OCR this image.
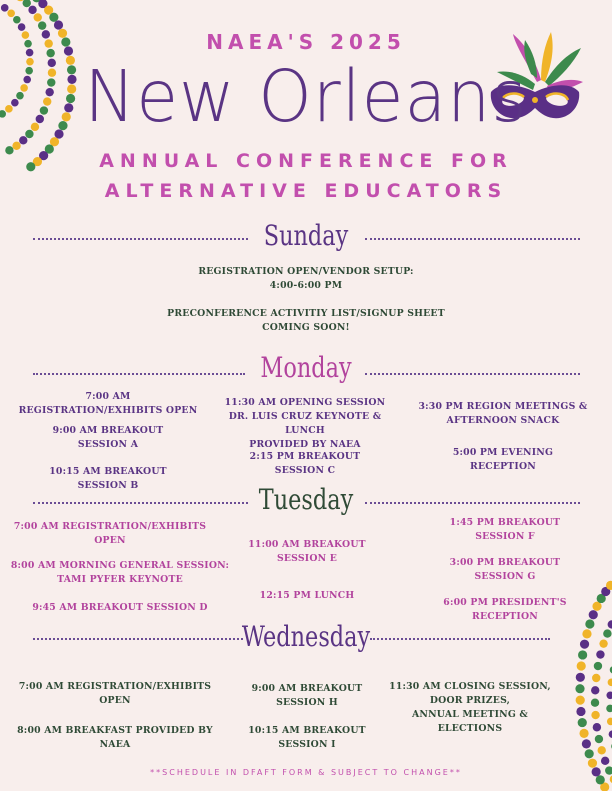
NAEA'S 2025
New Orleans
ANNUAL CONFERENCE FOR
ALTERNATIVE EDUCATORS
Sunday
REGISTRATION OPEN/VENDOR SETUP:
4:00-6:00 PM
PRECONFERENCE ACTIVITIY LIST/SIGNUP SHEET
COMING SOON!
Monday
7:00 AM
REGISTRATION/EXHIBITS OPEN
9:00 AM BREAKOUT
SESSION A
10:15 AM BREAKOUT
SESSION B
11:30 AM OPENING SESSION
DR. LUIS CRUZ KEYNOTE & LUNCH
PROVIDED BY NAEA
2:15 PM BREAKOUT
SESSION C
3:30 PM REGION MEETINGS &
AFTERNOON SNACK
5:00 PM EVENING
RECEPTION
Tuesday
7:00 AM REGISTRATION/EXHIBITS
OPEN
8:00 AM MORNING GENERAL SESSION:
TAMI PYFER KEYNOTE
9:45 AM BREAKOUT SESSION D
11:00 AM BREAKOUT
SESSION E
12:15 PM LUNCH
1:45 PM BREAKOUT
SESSION F
3:00 PM BREAKOUT
SESSION G
6:00 PM PRESIDENT'S
RECEPTION
Wednesday
7:00 AM REGISTRATION/EXHIBITS
OPEN
8:00 AM BREAKFAST PROVIDED BY
NAEA
9:00 AM BREAKOUT
SESSION H
10:15 AM BREAKOUT
SESSION I
11:30 AM CLOSING SESSION,
DOOR PRIZES,
ANNUAL MEETING &
ELECTIONS
**SCHEDULE IN DFAFT FORM & SUBJECT TO CHANGE**
